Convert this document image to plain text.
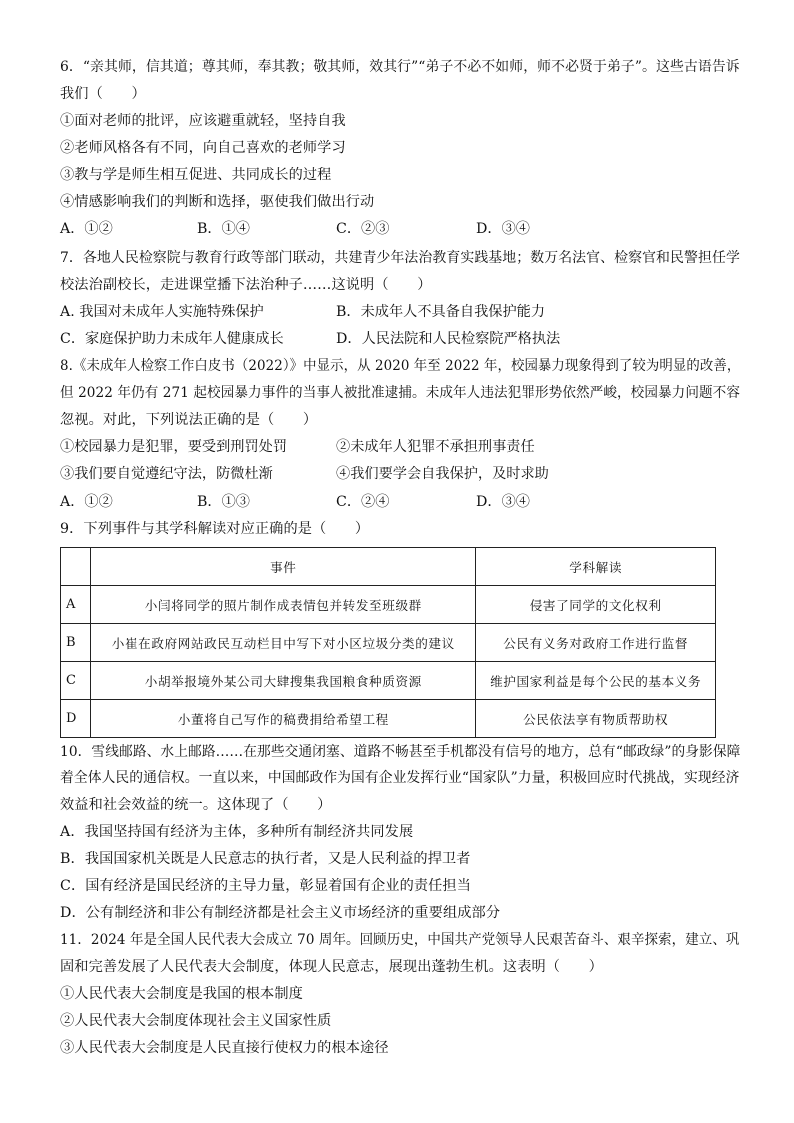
6．“亲其师，信其道；尊其师，奉其教；敬其师，效其行”“弟子不必不如师，师不必贤于弟子”。这些古语告诉
我们（　　）
①面对老师的批评，应该避重就轻，坚持自我
②老师风格各有不同，向自己喜欢的老师学习
③教与学是师生相互促进、共同成长的过程
④情感影响我们的判断和选择，驱使我们做出行动
A．①②	B．①④	C．②③	D．③④
7．各地人民检察院与教育行政等部门联动，共建青少年法治教育实践基地；数万名法官、检察官和民警担任学
校法治副校长，走进课堂播下法治种子……这说明（　　）
A. 我国对未成年人实施特殊保护	B．未成年人不具备自我保护能力
C．家庭保护助力未成年人健康成长	D．人民法院和人民检察院严格执法
8.《未成年人检察工作白皮书（2022）》中显示，从 2020 年至 2022 年，校园暴力现象得到了较为明显的改善，
但 2022 年仍有 271 起校园暴力事件的当事人被批准逮捕。未成年人违法犯罪形势依然严峻，校园暴力问题不容
忽视。对此，下列说法正确的是（　　）
①校园暴力是犯罪，要受到刑罚处罚	②未成年人犯罪不承担刑事责任
③我们要自觉遵纪守法，防微杜渐	④我们要学会自我保护，及时求助
A．①②	B．①③	C．②④	D．③④
9．下列事件与其学科解读对应正确的是（　　）
	事件	学科解读
A	小闫将同学的照片制作成表情包并转发至班级群	侵害了同学的文化权利
B	小崔在政府网站政民互动栏目中写下对小区垃圾分类的建议	公民有义务对政府工作进行监督
C	小胡举报境外某公司大肆搜集我国粮食种质资源	维护国家利益是每个公民的基本义务
D	小董将自己写作的稿费捐给希望工程	公民依法享有物质帮助权
10．雪线邮路、水上邮路……在那些交通闭塞、道路不畅甚至手机都没有信号的地方，总有“邮政绿”的身影保障
着全体人民的通信权。一直以来，中国邮政作为国有企业发挥行业“国家队”力量，积极回应时代挑战，实现经济
效益和社会效益的统一。这体现了（　　）
A．我国坚持国有经济为主体，多种所有制经济共同发展
B．我国国家机关既是人民意志的执行者，又是人民利益的捍卫者
C．国有经济是国民经济的主导力量，彰显着国有企业的责任担当
D．公有制经济和非公有制经济都是社会主义市场经济的重要组成部分
11．2024 年是全国人民代表大会成立 70 周年。回顾历史，中国共产党领导人民艰苦奋斗、艰辛探索，建立、巩
固和完善发展了人民代表大会制度，体现人民意志，展现出蓬勃生机。这表明（　　）
①人民代表大会制度是我国的根本制度
②人民代表大会制度体现社会主义国家性质
③人民代表大会制度是人民直接行使权力的根本途径
